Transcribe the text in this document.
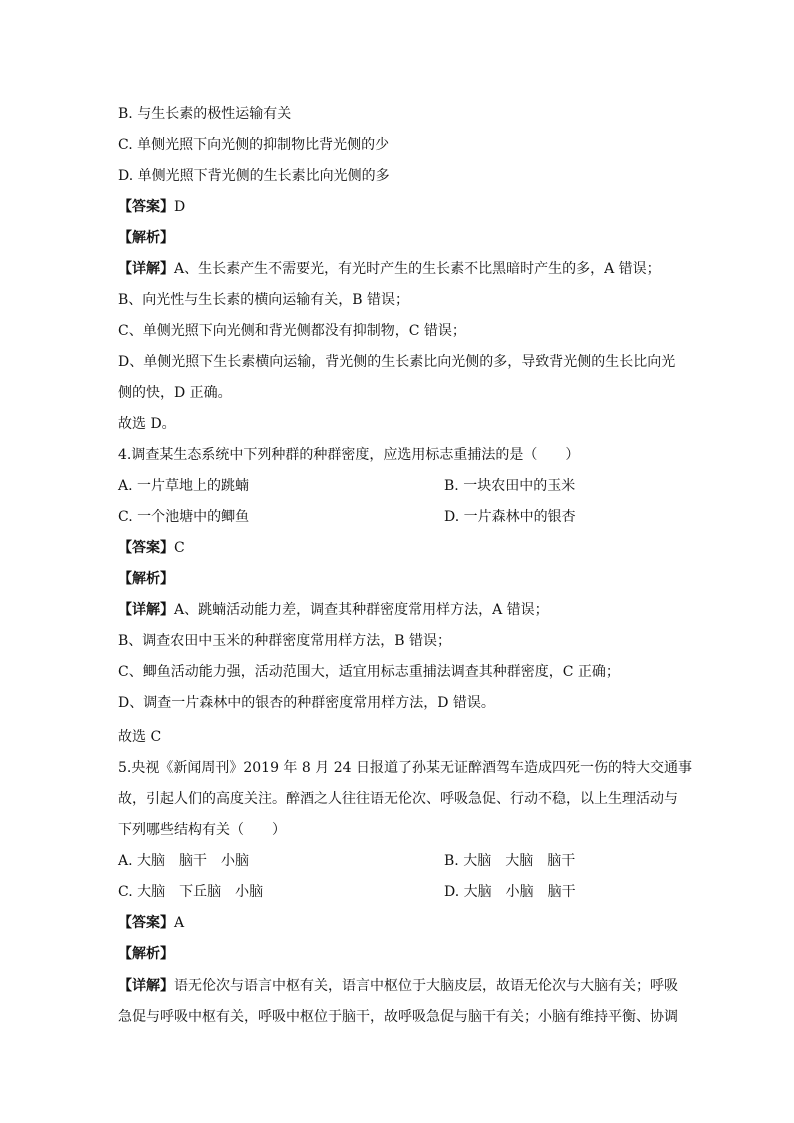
B. 与生长素的极性运输有关
C. 单侧光照下向光侧的抑制物比背光侧的少
D. 单侧光照下背光侧的生长素比向光侧的多
【答案】D
【解析】
【详解】A、生长素产生不需要光，有光时产生的生长素不比黑暗时产生的多，A 错误；
B、向光性与生长素的横向运输有关，B 错误；
C、单侧光照下向光侧和背光侧都没有抑制物，C 错误；
D、单侧光照下生长素横向运输，背光侧的生长素比向光侧的多，导致背光侧的生长比向光
侧的快，D 正确。
故选 D。
4.调查某生态系统中下列种群的种群密度，应选用标志重捕法的是（　　）
A. 一片草地上的跳蝻	B. 一块农田中的玉米
C. 一个池塘中的鲫鱼	D. 一片森林中的银杏
【答案】C
【解析】
【详解】A、跳蝻活动能力差，调查其种群密度常用样方法，A 错误；
B、调查农田中玉米的种群密度常用样方法，B 错误；
C、鲫鱼活动能力强，活动范围大，适宜用标志重捕法调查其种群密度，C 正确；
D、调查一片森林中的银杏的种群密度常用样方法，D 错误。
故选 C
5.央视《新闻周刊》2019 年 8 月 24 日报道了孙某无证醉酒驾车造成四死一伤的特大交通事
故，引起人们的高度关注。醉酒之人往往语无伦次、呼吸急促、行动不稳，以上生理活动与
下列哪些结构有关（　　）
A. 大脑　脑干　小脑	B. 大脑　大脑　脑干
C. 大脑　下丘脑　小脑	D. 大脑　小脑　脑干
【答案】A
【解析】
【详解】语无伦次与语言中枢有关，语言中枢位于大脑皮层，故语无伦次与大脑有关；呼吸
急促与呼吸中枢有关，呼吸中枢位于脑干，故呼吸急促与脑干有关；小脑有维持平衡、协调
